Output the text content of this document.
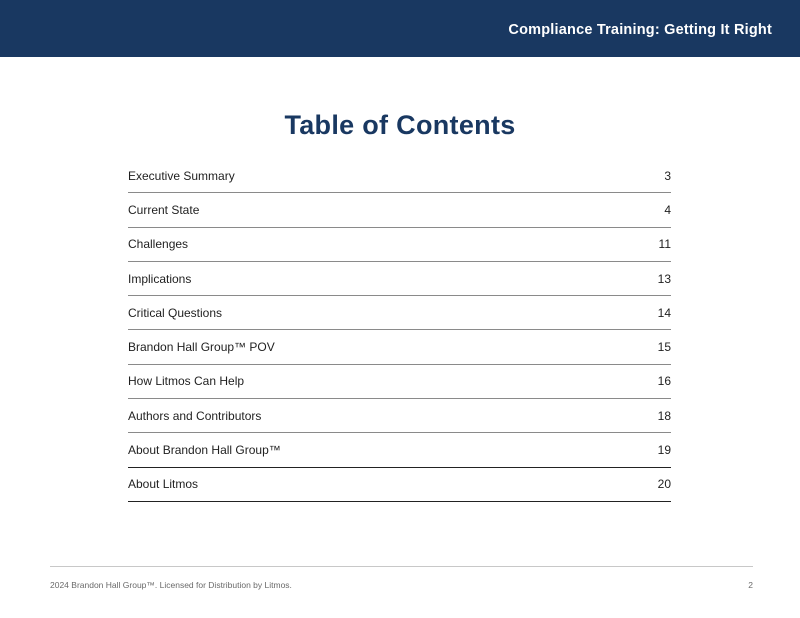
Compliance Training: Getting It Right
Table of Contents
Executive Summary	3
Current State	4
Challenges	11
Implications	13
Critical Questions	14
Brandon Hall Group™ POV	15
How Litmos Can Help	16
Authors and Contributors	18
About Brandon Hall Group™	19
About Litmos	20
2024 Brandon Hall Group™. Licensed for Distribution by Litmos.	2
